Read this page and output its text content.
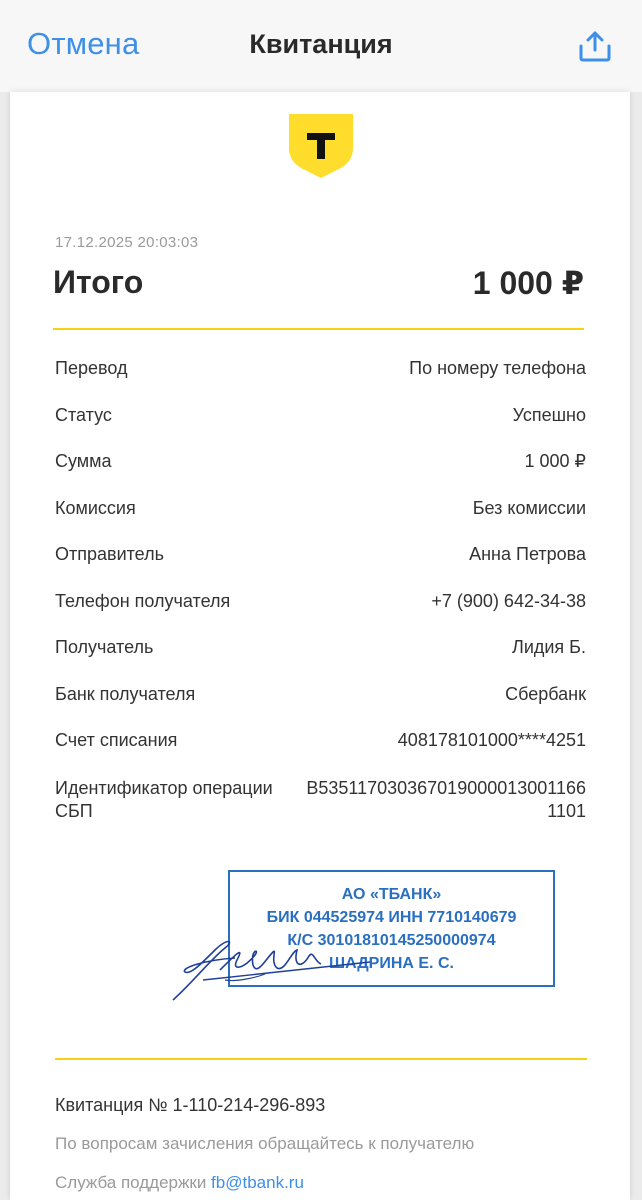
Отмена	Квитанция
17.12.2025 20:03:03
Итого	1 000 ₽
Перевод	По номеру телефона
Статус	Успешно
Сумма	1 000 ₽
Комиссия	Без комиссии
Отправитель	Анна Петрова
Телефон получателя	+7 (900) 642-34-38
Получатель	Лидия Б.
Банк получателя	Сбербанк
Счет списания	408178101000****4251
Идентификатор операции СБП
B535117030367019000013001166 1101
АО «ТБАНК»
БИК 044525974 ИНН 7710140679
К/С 30101810145250000974
ШАДРИНА Е. С.
Квитанция № 1-110-214-296-893
По вопросам зачисления обращайтесь к получателю
Служба поддержки fb@tbank.ru
